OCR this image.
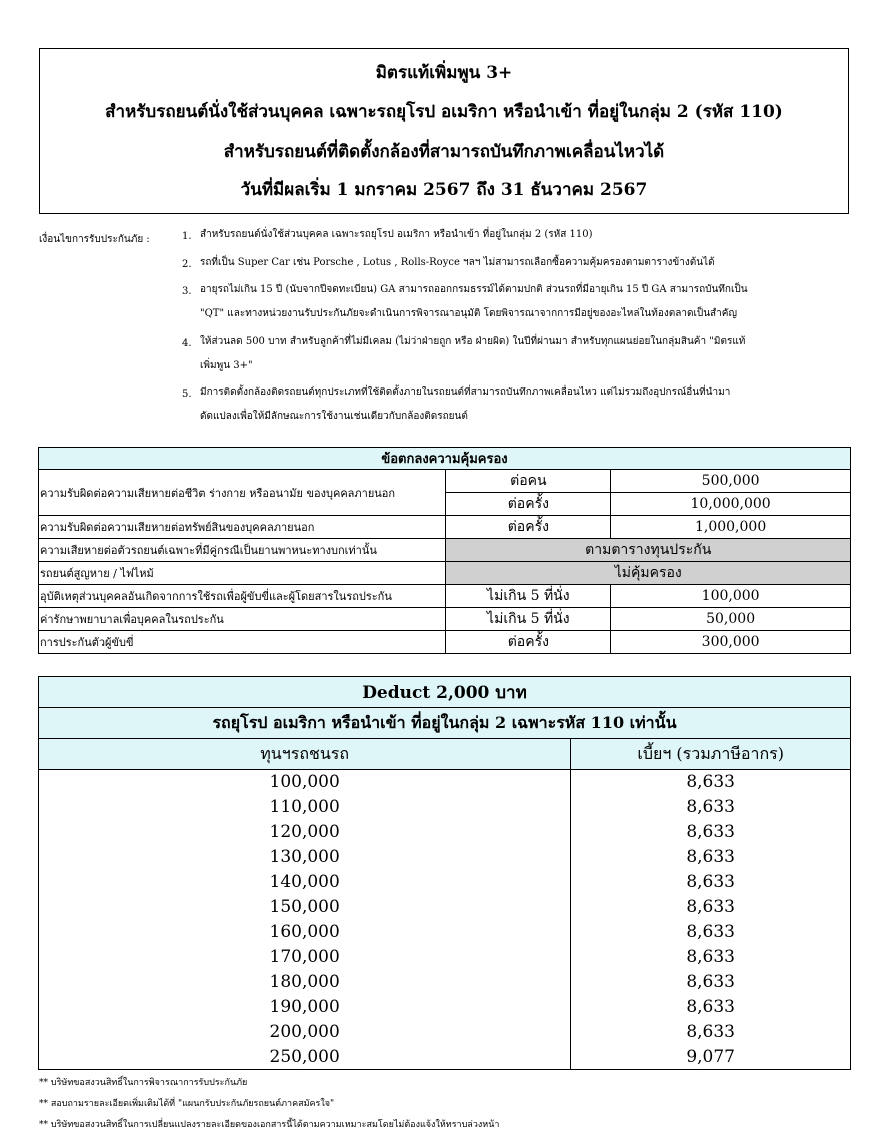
มิตรแท้เพิ่มพูน 3+
สำหรับรถยนต์นั่งใช้ส่วนบุคคล เฉพาะรถยุโรป อเมริกา หรือนำเข้า ที่อยู่ในกลุ่ม 2 (รหัส 110)
สำหรับรถยนต์ที่ติดตั้งกล้องที่สามารถบันทึกภาพเคลื่อนไหวได้
วันที่มีผลเริ่ม 1 มกราคม 2567 ถึง 31 ธันวาคม 2567
เงื่อนไขการรับประกันภัย :	1. สำหรับรถยนต์นั่งใช้ส่วนบุคคล เฉพาะรถยุโรป อเมริกา หรือนำเข้า ที่อยู่ในกลุ่ม 2 (รหัส 110)
2. รถที่เป็น Super Car เช่น Porsche , Lotus , Rolls-Royce ฯลฯ ไม่สามารถเลือกซื้อความคุ้มครองตามตารางข้างต้นได้
3. อายุรถไม่เกิน 15 ปี (นับจากปีจดทะเบียน) GA สามารถออกกรมธรรม์ได้ตามปกติ ส่วนรถที่มีอายุเกิน 15 ปี GA สามารถบันทึกเป็น
"QT" และทางหน่วยงานรับประกันภัยจะดำเนินการพิจารณาอนุมัติ โดยพิจารณาจากการมีอยู่ของอะไหล่ในท้องตลาดเป็นสำคัญ
4. ให้ส่วนลด 500 บาท สำหรับลูกค้าที่ไม่มีเคลม (ไม่ว่าฝ่ายถูก หรือ ฝ่ายผิด) ในปีที่ผ่านมา สำหรับทุกแผนย่อยในกลุ่มสินค้า "มิตรแท้
เพิ่มพูน 3+"
5. มีการติดตั้งกล้องติดรถยนต์ทุกประเภทที่ใช้ติดตั้งภายในรถยนต์ที่สามารถบันทึกภาพเคลื่อนไหว แต่ไม่รวมถึงอุปกรณ์อื่นที่นำมา
ดัดแปลงเพื่อให้มีลักษณะการใช้งานเช่นเดียวกับกล้องติดรถยนต์
ข้อตกลงความคุ้มครอง		
ความรับผิดต่อความเสียหายต่อชีวิต ร่างกาย หรืออนามัย ของบุคคลภายนอก	ต่อคน	500,000
	ต่อครั้ง	10,000,000
ความรับผิดต่อความเสียหายต่อทรัพย์สินของบุคคลภายนอก	ต่อครั้ง	1,000,000
ความเสียหายต่อตัวรถยนต์เฉพาะที่มีคู่กรณีเป็นยานพาหนะทางบกเท่านั้น	ตามตารางทุนประกัน	
รถยนต์สูญหาย / ไฟไหม้	ไม่คุ้มครอง	
อุบัติเหตุส่วนบุคคลอันเกิดจากการใช้รถเพื่อผู้ขับขี่และผู้โดยสารในรถประกัน	ไม่เกิน 5 ที่นั่ง	100,000
ค่ารักษาพยาบาลเพื่อบุคคลในรถประกัน	ไม่เกิน 5 ที่นั่ง	50,000
การประกันตัวผู้ขับขี่	ต่อครั้ง	300,000
Deduct 2,000 บาท	
รถยุโรป อเมริกา หรือนำเข้า ที่อยู่ในกลุ่ม 2 เฉพาะรหัส 110 เท่านั้น	
ทุนฯรถชนรถ	เบี้ยฯ (รวมภาษีอากร)
100,000	8,633
110,000	8,633
120,000	8,633
130,000	8,633
140,000	8,633
150,000	8,633
160,000	8,633
170,000	8,633
180,000	8,633
190,000	8,633
200,000	8,633
250,000	9,077
** บริษัทขอสงวนสิทธิ์ในการพิจารณาการรับประกันภัย
** สอบถามรายละเอียดเพิ่มเติมได้ที่ "แผนกรับประกันภัยรถยนต์ภาคสมัครใจ"
** บริษัทขอสงวนสิทธิ์ในการเปลี่ยนแปลงรายละเอียดของเอกสารนี้ได้ตามความเหมาะสมโดยไม่ต้องแจ้งให้ทราบล่วงหน้า
